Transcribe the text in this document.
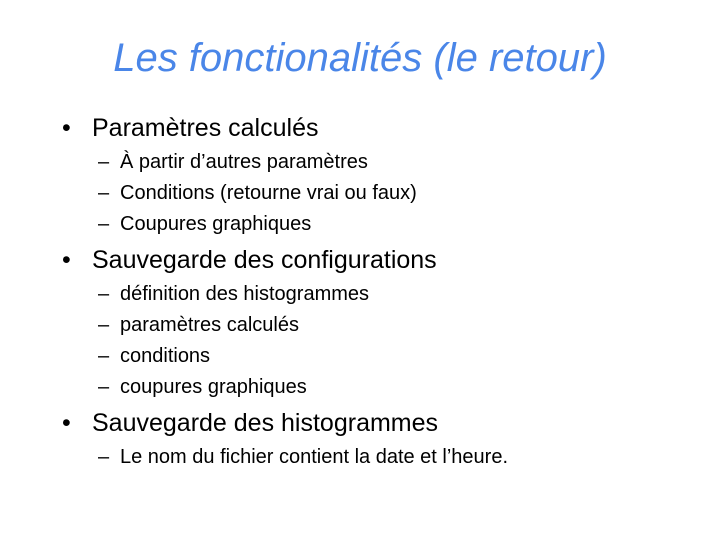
Les fonctionalités (le retour)
• Paramètres calculés
– À partir d’autres paramètres
– Conditions (retourne vrai ou faux)
– Coupures graphiques
• Sauvegarde des configurations
– définition des histogrammes
– paramètres calculés
– conditions
– coupures graphiques
• Sauvegarde des histogrammes
– Le nom du fichier contient la date et l’heure.
